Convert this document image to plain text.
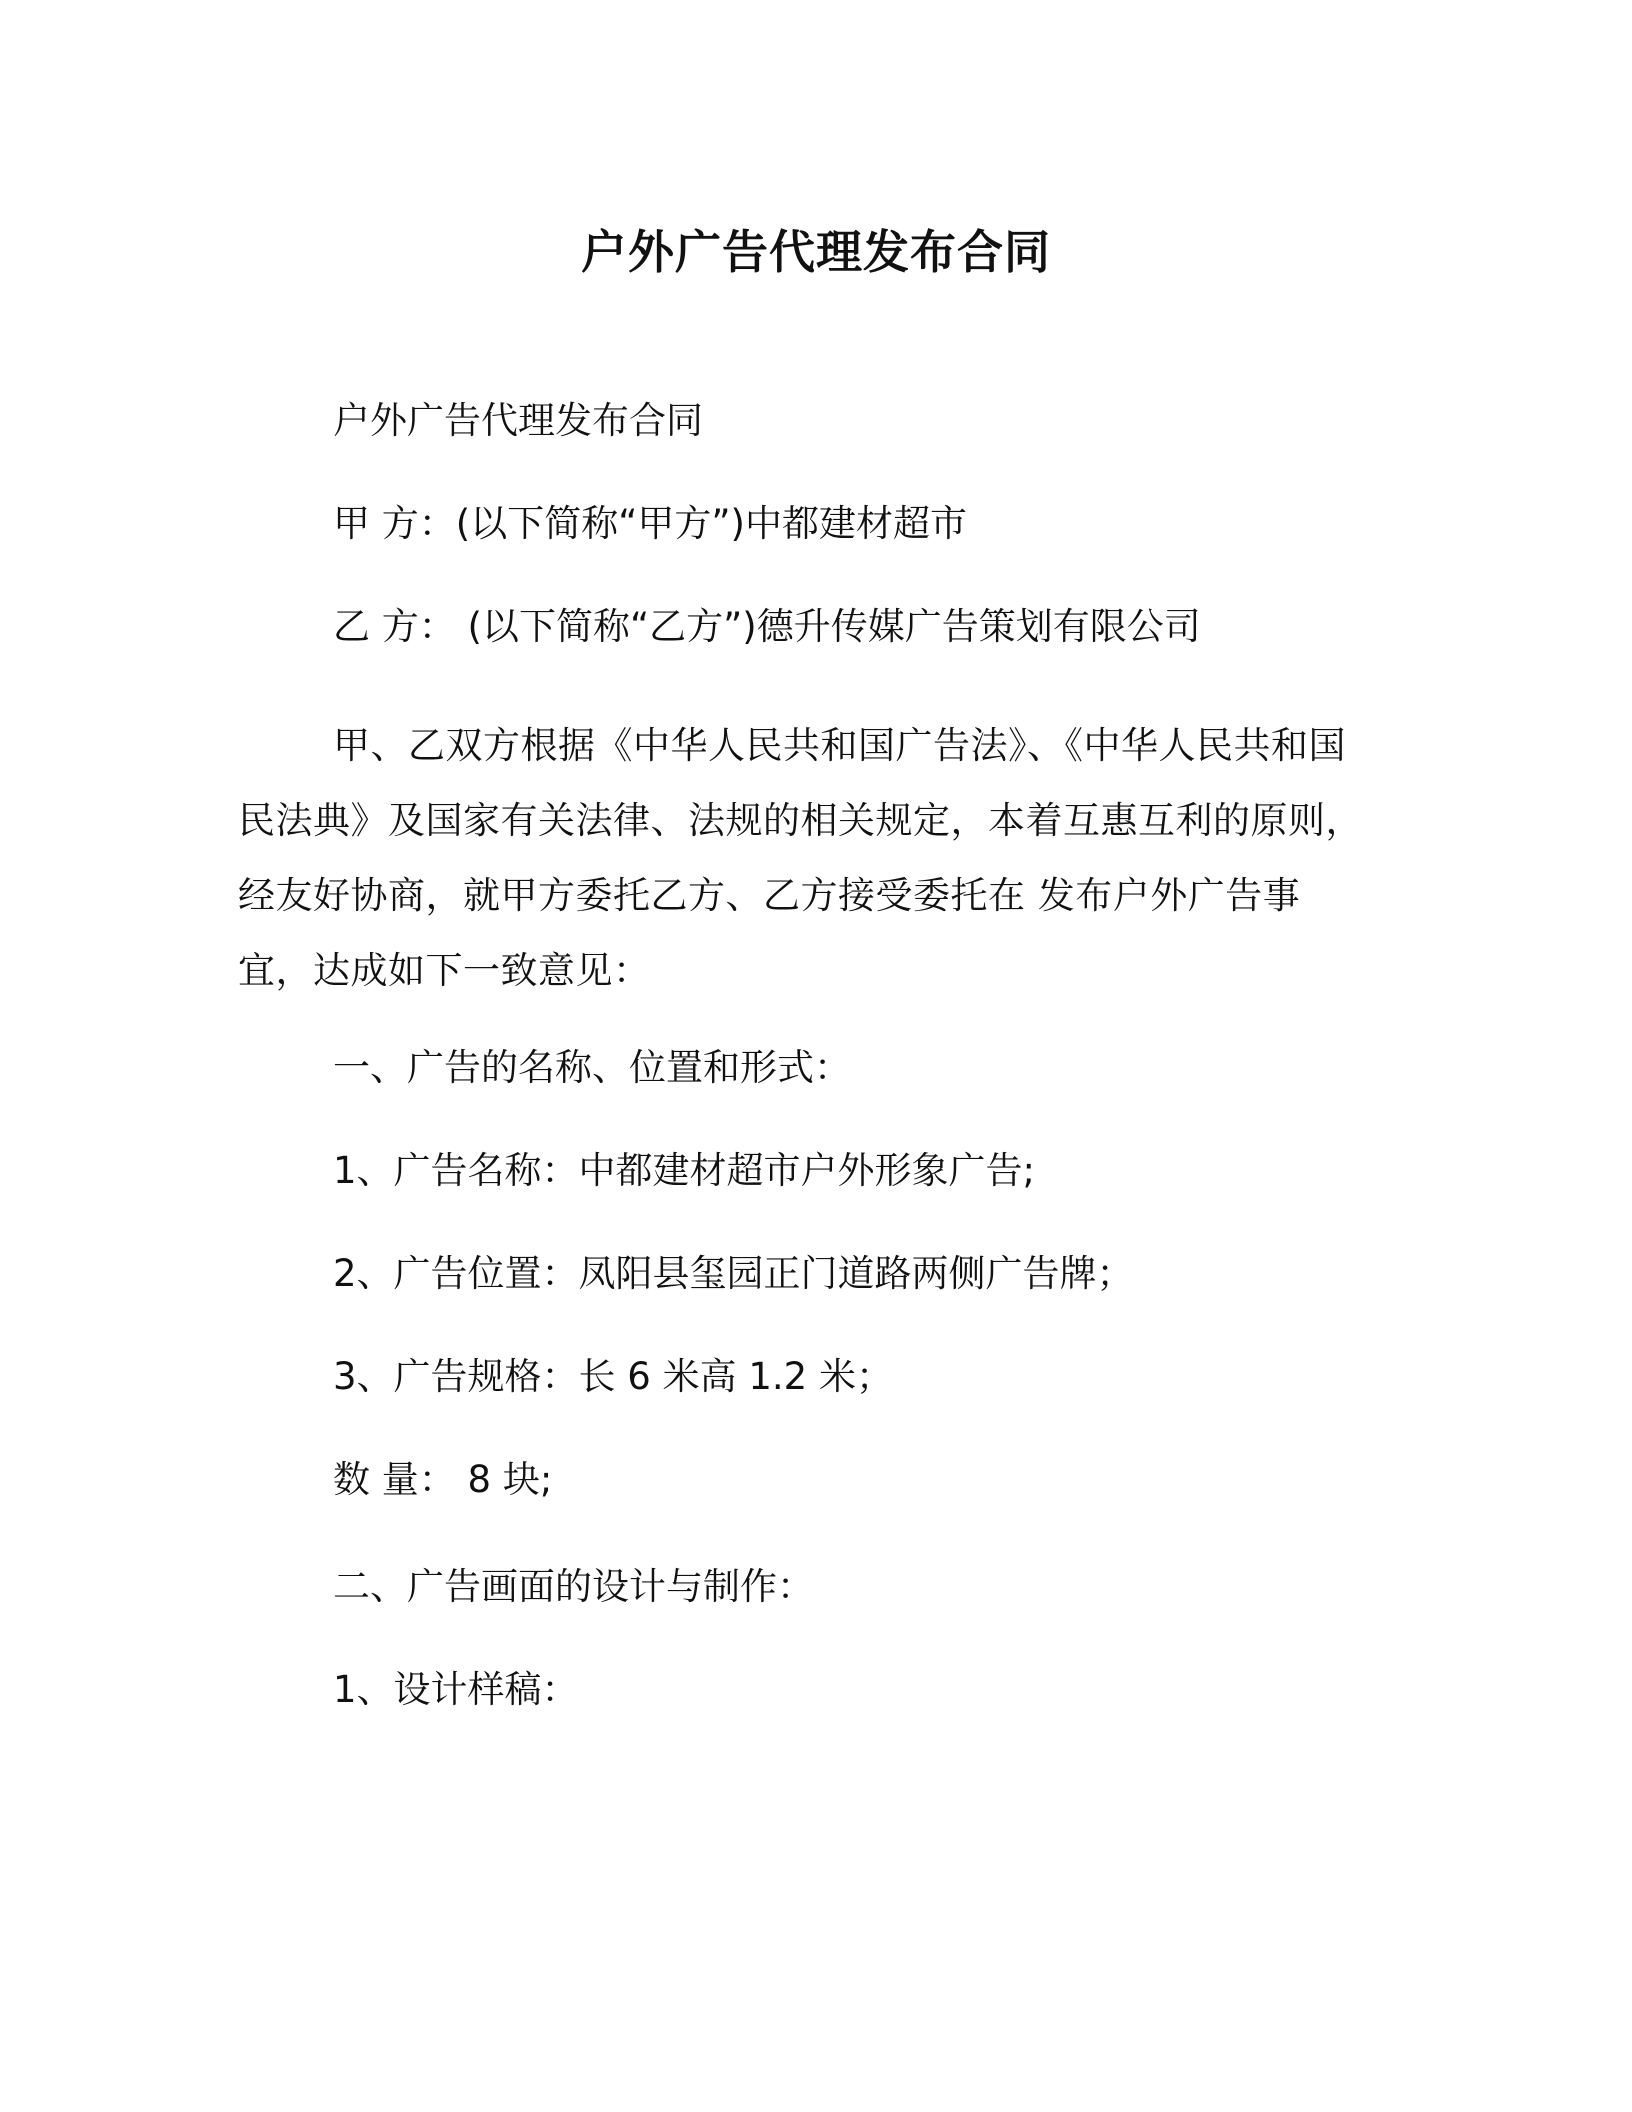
户外广告代理发布合同
户外广告代理发布合同
甲 方：(以下简称“甲方”)中都建材超市
乙 方： (以下简称“乙方”)德升传媒广告策划有限公司
甲、乙双方根据《中华人民共和国广告法》、《中华人民共和国民法典》及国家有关法律、法规的相关规定，本着互惠互利的原则，经友好协商，就甲方委托乙方、乙方接受委托在 发布户外广告事宜，达成如下一致意见：
一、广告的名称、位置和形式：
1、广告名称：中都建材超市户外形象广告;
2、广告位置：凤阳县玺园正门道路两侧广告牌；
3、广告规格：长 6 米高 1.2 米；
数 量： 8 块;
二、广告画面的设计与制作：
1、设计样稿：
